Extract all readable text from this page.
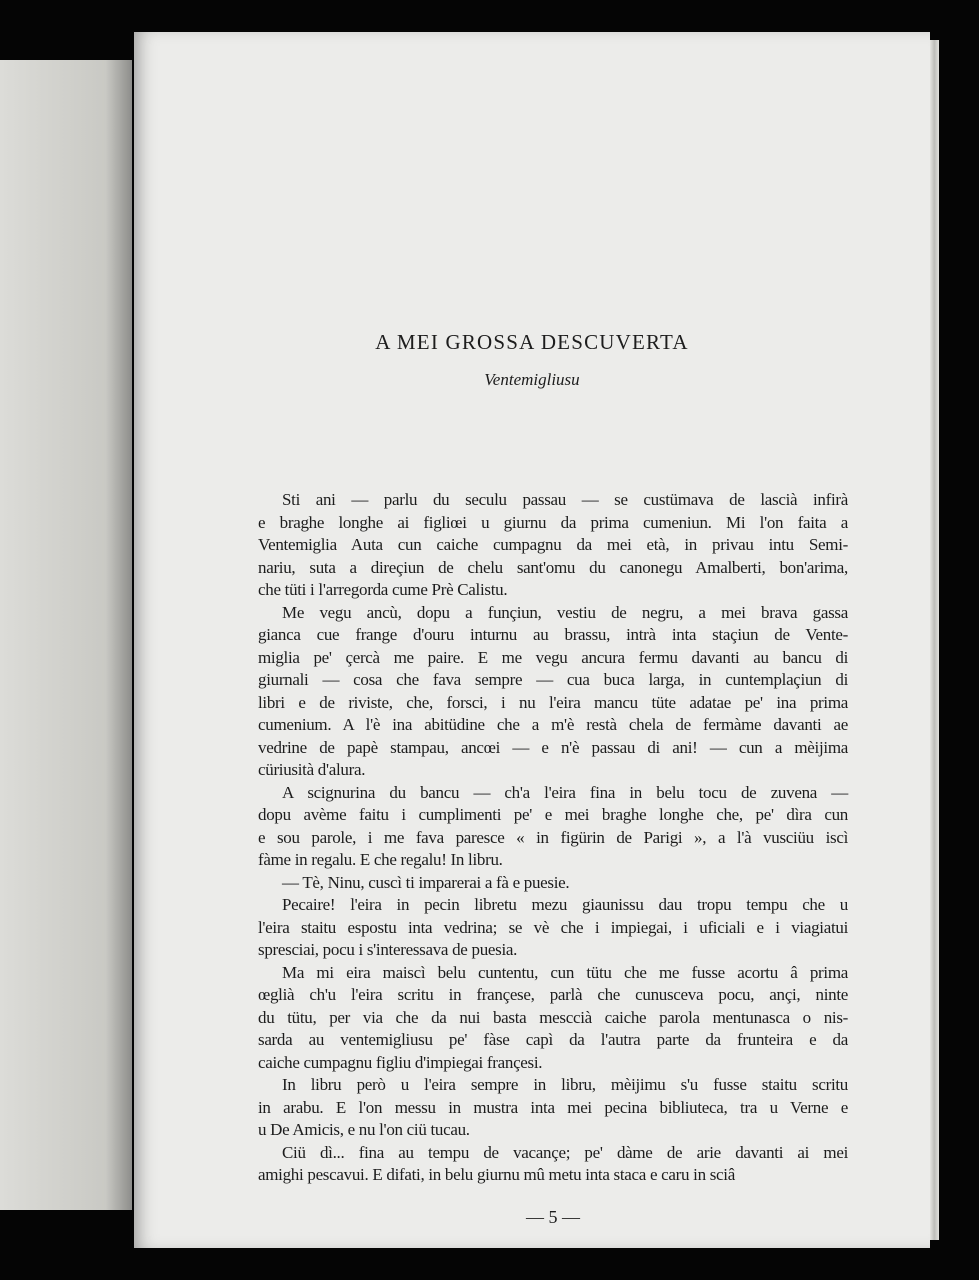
A MEI GROSSA DESCUVERTA
Ventemigliusu
Sti ani — parlu du seculu passau — se custümava de lascià infirà
e braghe longhe ai figliœi u giurnu da prima cumeniun. Mi l'on faita a
Ventemiglia Auta cun caiche cumpagnu da mei età, in privau intu Semi-
nariu, suta a direçiun de chelu sant'omu du canonegu Amalberti, bon'arima,
che tüti i l'arregorda cume Prè Calistu.
Me vegu ancù, dopu a funçiun, vestiu de negru, a mei brava gassa
gianca cue frange d'ouru inturnu au brassu, intrà inta staçiun de Vente-
miglia pe' çercà me paire. E me vegu ancura fermu davanti au bancu di
giurnali — cosa che fava sempre — cua buca larga, in cuntemplaçiun di
libri e de riviste, che, forsci, i nu l'eira mancu tüte adatae pe' ina prima
cumenium. A l'è ina abitüdine che a m'è restà chela de fermàme davanti ae
vedrine de papè stampau, ancœi — e n'è passau di ani! — cun a mèijima
cüriusità d'alura.
A scignurina du bancu — ch'a l'eira fina in belu tocu de zuvena —
dopu avème faitu i cumplimenti pe' e mei braghe longhe che, pe' dìra cun
e sou parole, i me fava paresce « in figürin de Parigi », a l'à vusciüu iscì
fàme in regalu. E che regalu! In libru.
— Tè, Ninu, cuscì ti imparerai a fà e puesie.
Pecaire! l'eira in pecin libretu mezu giaunissu dau tropu tempu che u
l'eira staitu espostu inta vedrina; se vè che i impiegai, i uficiali e i viagiatui
spresciai, pocu i s'interessava de puesia.
Ma mi eira maiscì belu cuntentu, cun tütu che me fusse acortu â prima
œglià ch'u l'eira scritu in françese, parlà che cunusceva pocu, ançi, ninte
du tütu, per via che da nui basta mesccià caiche parola mentunasca o nis-
sarda au ventemigliusu pe' fàse capì da l'autra parte da frunteira e da
caiche cumpagnu figliu d'impiegai françesi.
In libru però u l'eira sempre in libru, mèijimu s'u fusse staitu scritu
in arabu. E l'on messu in mustra inta mei pecina bibliuteca, tra u Verne e
u De Amicis, e nu l'on ciü tucau.
Ciü dì... fina au tempu de vacançe; pe' dàme de arie davanti ai mei
amighi pescavui. E difati, in belu giurnu mû metu inta staca e caru in sciâ
— 5 —
